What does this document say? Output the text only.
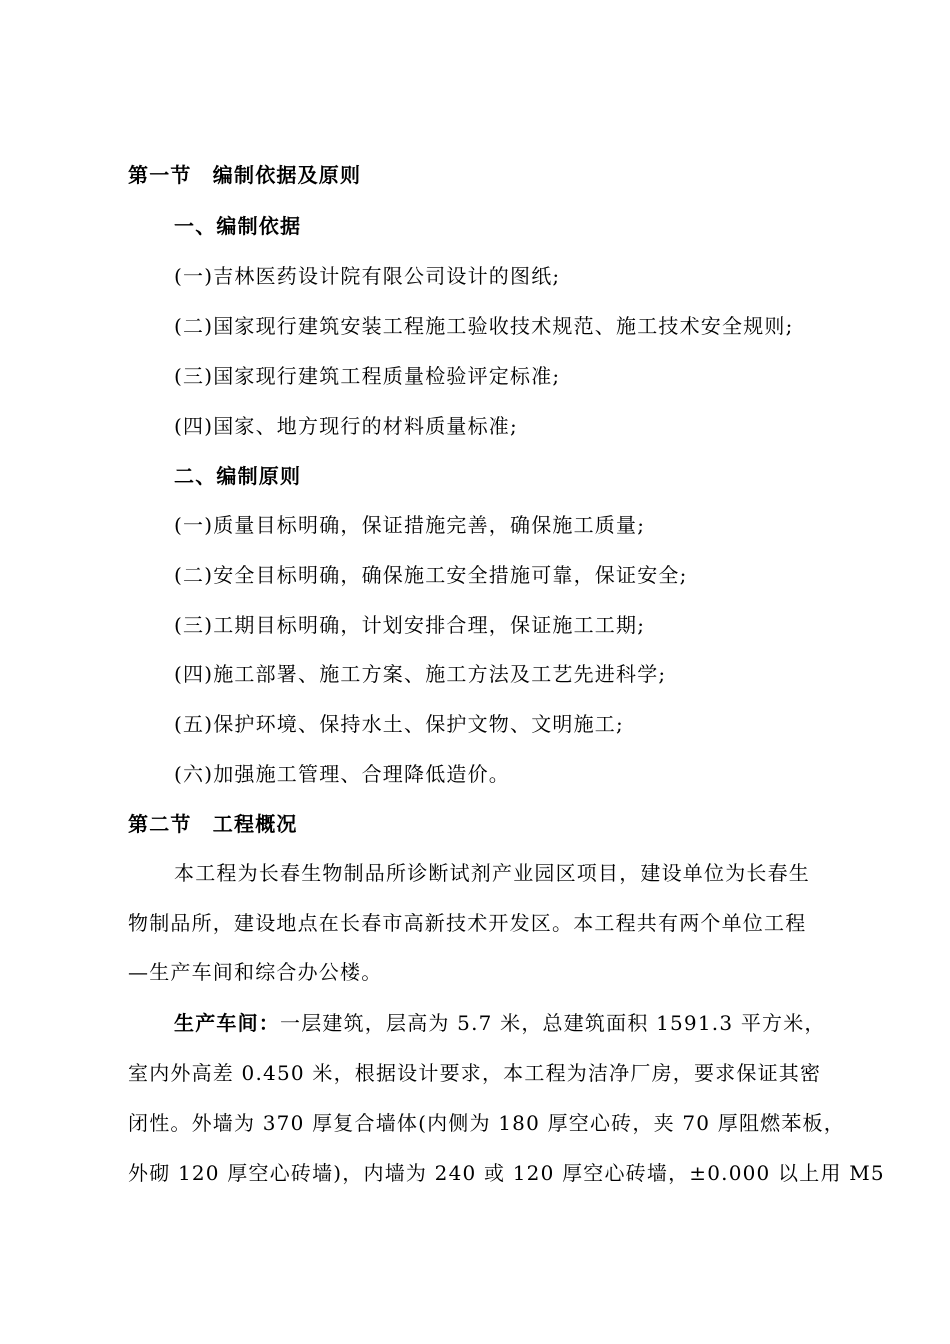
第一节　编制依据及原则
一、编制依据
(一)吉林医药设计院有限公司设计的图纸;
(二)国家现行建筑安装工程施工验收技术规范、施工技术安全规则;
(三)国家现行建筑工程质量检验评定标准;
(四)国家、地方现行的材料质量标准;
二、编制原则
(一)质量目标明确，保证措施完善，确保施工质量;
(二)安全目标明确，确保施工安全措施可靠，保证安全;
(三)工期目标明确，计划安排合理，保证施工工期;
(四)施工部署、施工方案、施工方法及工艺先进科学;
(五)保护环境、保持水土、保护文物、文明施工;
(六)加强施工管理、合理降低造价。
第二节　工程概况
本工程为长春生物制品所诊断试剂产业园区项目，建设单位为长春生
物制品所，建设地点在长春市高新技术开发区。本工程共有两个单位工程
—生产车间和综合办公楼。
生产车间：一层建筑，层高为 5.7 米，总建筑面积 1591.3 平方米，
室内外高差 0.450 米，根据设计要求，本工程为洁净厂房，要求保证其密
闭性。外墙为 370 厚复合墙体(内侧为 180 厚空心砖，夹 70 厚阻燃苯板，
外砌 120 厚空心砖墙)，内墙为 240 或 120 厚空心砖墙，±0.000 以上用 M5
